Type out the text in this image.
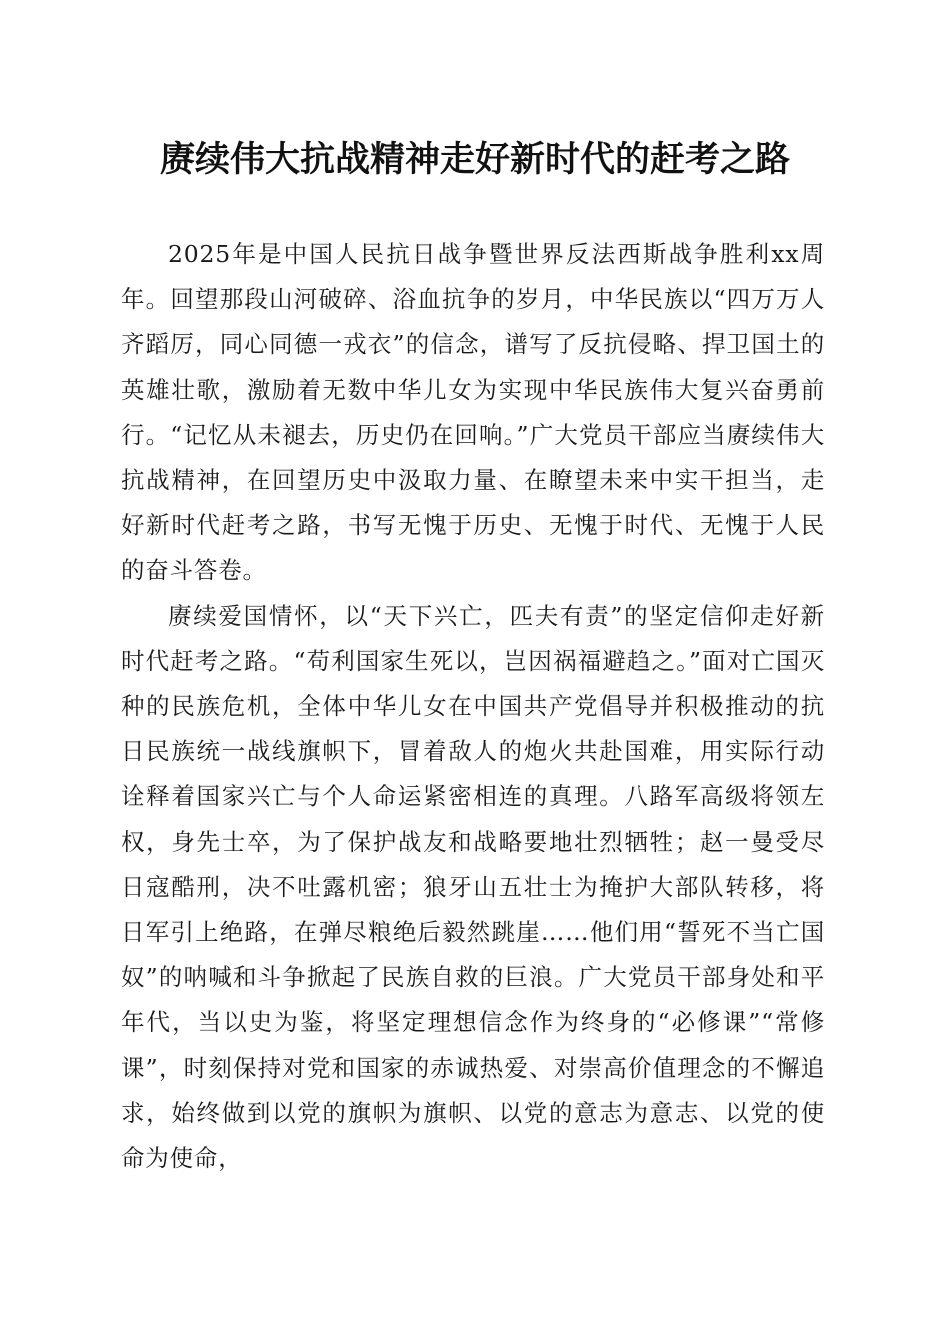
赓续伟大抗战精神走好新时代的赶考之路

2025年是中国人民抗日战争暨世界反法西斯战争胜利xx周年。回望那段山河破碎、浴血抗争的岁月，中华民族以“四万万人齐蹈厉，同心同德一戎衣”的信念，谱写了反抗侵略、捍卫国土的英雄壮歌，激励着无数中华儿女为实现中华民族伟大复兴奋勇前行。“记忆从未褪去，历史仍在回响。”广大党员干部应当赓续伟大抗战精神，在回望历史中汲取力量、在瞭望未来中实干担当，走好新时代赶考之路，书写无愧于历史、无愧于时代、无愧于人民的奋斗答卷。

赓续爱国情怀，以“天下兴亡，匹夫有责”的坚定信仰走好新时代赶考之路。“苟利国家生死以，岂因祸福避趋之。”面对亡国灭种的民族危机，全体中华儿女在中国共产党倡导并积极推动的抗日民族统一战线旗帜下，冒着敌人的炮火共赴国难，用实际行动诠释着国家兴亡与个人命运紧密相连的真理。八路军高级将领左权，身先士卒，为了保护战友和战略要地壮烈牺牲；赵一曼受尽日寇酷刑，决不吐露机密；狼牙山五壮士为掩护大部队转移，将日军引上绝路，在弹尽粮绝后毅然跳崖……他们用“誓死不当亡国奴”的呐喊和斗争掀起了民族自救的巨浪。广大党员干部身处和平年代，当以史为鉴，将坚定理想信念作为终身的“必修课”“常修课”，时刻保持对党和国家的赤诚热爱、对崇高价值理念的不懈追求，始终做到以党的旗帜为旗帜、以党的意志为意志、以党的使命为使命，
